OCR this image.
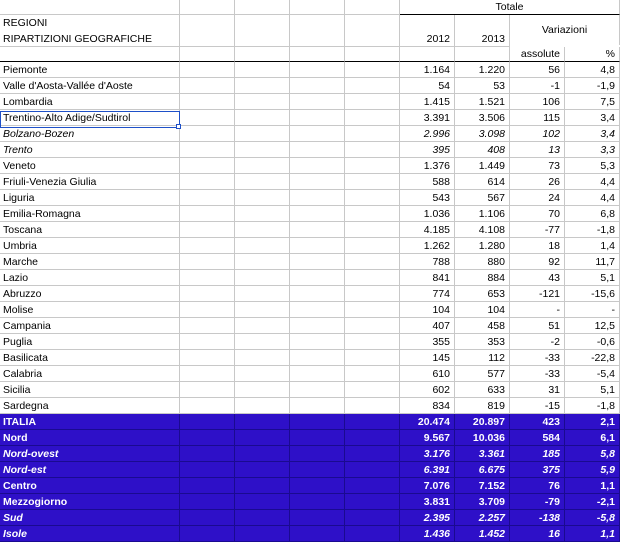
Totale
REGIONI
Variazioni
RIPARTIZIONI GEOGRAFICHE	2012	2013
assolute	%
Piemonte	1.164	1.220	56	4,8
Valle d'Aosta-Vallée d'Aoste	54	53	-1	-1,9
Lombardia	1.415	1.521	106	7,5
Trentino-Alto Adige/Sudtirol	3.391	3.506	115	3,4
Bolzano-Bozen	2.996	3.098	102	3,4
Trento	395	408	13	3,3
Veneto	1.376	1.449	73	5,3
Friuli-Venezia Giulia	588	614	26	4,4
Liguria	543	567	24	4,4
Emilia-Romagna	1.036	1.106	70	6,8
Toscana	4.185	4.108	-77	-1,8
Umbria	1.262	1.280	18	1,4
Marche	788	880	92	11,7
Lazio	841	884	43	5,1
Abruzzo	774	653	-121	-15,6
Molise	104	104	-	-
Campania	407	458	51	12,5
Puglia	355	353	-2	-0,6
Basilicata	145	112	-33	-22,8
Calabria	610	577	-33	-5,4
Sicilia	602	633	31	5,1
Sardegna	834	819	-15	-1,8
ITALIA	20.474	20.897	423	2,1
Nord	9.567	10.036	584	6,1
Nord-ovest	3.176	3.361	185	5,8
Nord-est	6.391	6.675	375	5,9
Centro	7.076	7.152	76	1,1
Mezzogiorno	3.831	3.709	-79	-2,1
Sud	2.395	2.257	-138	-5,8
Isole	1.436	1.452	16	1,1
